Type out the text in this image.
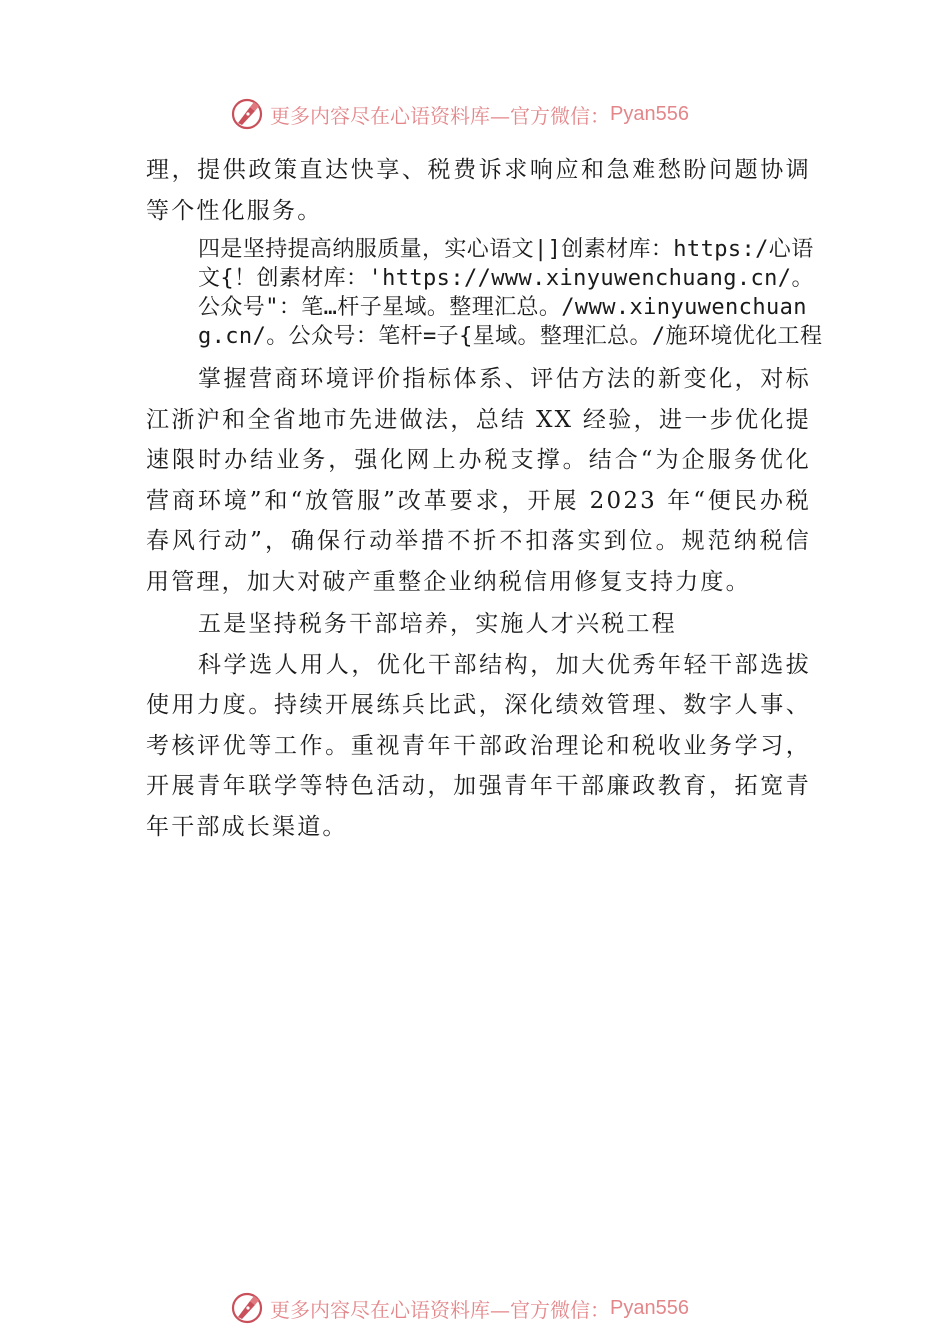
更多内容尽在心语资料库—官方微信： Pyan556

理，提供政策直达快享、税费诉求响应和急难愁盼问题协调等个性化服务。

四是坚持提高纳服质量，实心语文|]创素材库：https:/心语文{！创素材库：'https://www.xinyuwenchuang.cn/。公众号"：笔…杆子星域。整理汇总。/www.xinyuwenchuang.cn/。公众号：笔杆=子{星域。整理汇总。/施环境优化工程

掌握营商环境评价指标体系、评估方法的新变化，对标江浙沪和全省地市先进做法，总结 XX 经验，进一步优化提速限时办结业务，强化网上办税支撑。结合“为企服务优化营商环境”和“放管服”改革要求，开展 2023 年“便民办税春风行动”，确保行动举措不折不扣落实到位。规范纳税信用管理，加大对破产重整企业纳税信用修复支持力度。

五是坚持税务干部培养，实施人才兴税工程

科学选人用人，优化干部结构，加大优秀年轻干部选拔使用力度。持续开展练兵比武，深化绩效管理、数字人事、 考核评优等工作。重视青年干部政治理论和税收业务学习， 开展青年联学等特色活动，加强青年干部廉政教育，拓宽青年干部成长渠道。

更多内容尽在心语资料库—官方微信： Pyan556
